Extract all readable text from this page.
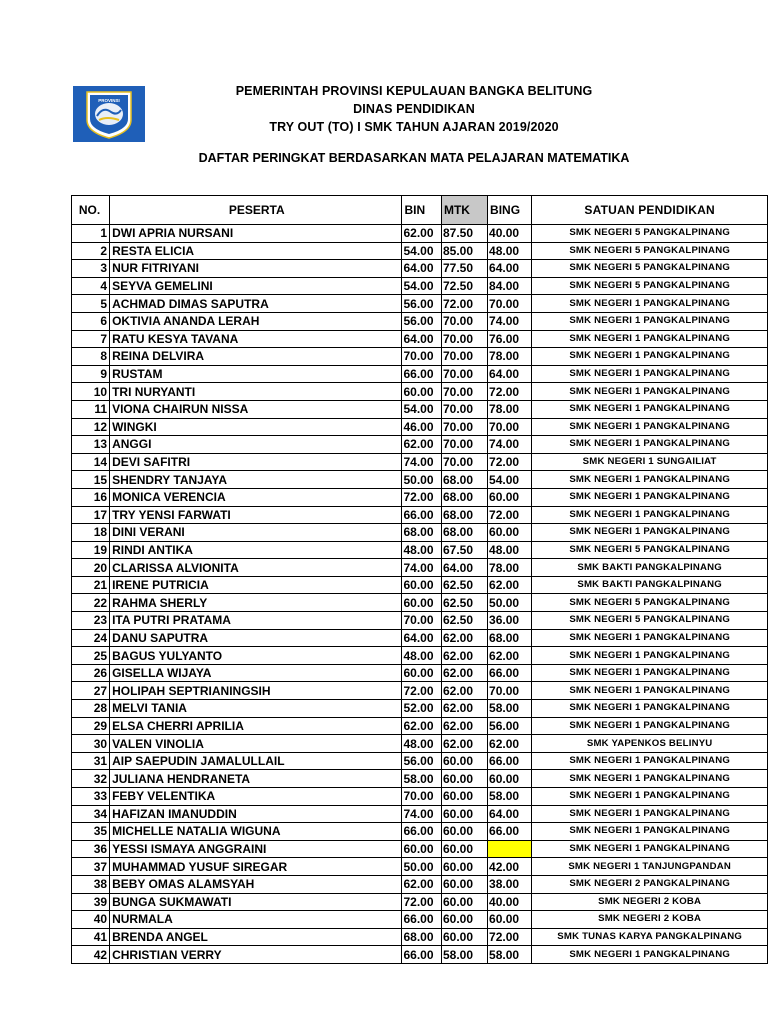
PROVINSI
PEMERINTAH PROVINSI KEPULAUAN BANGKA BELITUNG
DINAS PENDIDIKAN
TRY OUT (TO) I SMK TAHUN AJARAN 2019/2020
DAFTAR PERINGKAT BERDASARKAN MATA PELAJARAN MATEMATIKA
NO.	PESERTA	BIN	MTK	BING	SATUAN PENDIDIKAN
1	DWI APRIA NURSANI	62.00	87.50	40.00	SMK NEGERI 5 PANGKALPINANG
2	RESTA ELICIA	54.00	85.00	48.00	SMK NEGERI 5 PANGKALPINANG
3	NUR FITRIYANI	64.00	77.50	64.00	SMK NEGERI 5 PANGKALPINANG
4	SEYVA GEMELINI	54.00	72.50	84.00	SMK NEGERI 5 PANGKALPINANG
5	ACHMAD DIMAS SAPUTRA	56.00	72.00	70.00	SMK NEGERI 1 PANGKALPINANG
6	OKTIVIA ANANDA LERAH	56.00	70.00	74.00	SMK NEGERI 1 PANGKALPINANG
7	RATU KESYA TAVANA	64.00	70.00	76.00	SMK NEGERI 1 PANGKALPINANG
8	REINA DELVIRA	70.00	70.00	78.00	SMK NEGERI 1 PANGKALPINANG
9	RUSTAM	66.00	70.00	64.00	SMK NEGERI 1 PANGKALPINANG
10	TRI NURYANTI	60.00	70.00	72.00	SMK NEGERI 1 PANGKALPINANG
11	VIONA CHAIRUN NISSA	54.00	70.00	78.00	SMK NEGERI 1 PANGKALPINANG
12	WINGKI	46.00	70.00	70.00	SMK NEGERI 1 PANGKALPINANG
13	ANGGI	62.00	70.00	74.00	SMK NEGERI 1 PANGKALPINANG
14	DEVI SAFITRI	74.00	70.00	72.00	SMK NEGERI 1 SUNGAILIAT
15	SHENDRY TANJAYA	50.00	68.00	54.00	SMK NEGERI 1 PANGKALPINANG
16	MONICA VERENCIA	72.00	68.00	60.00	SMK NEGERI 1 PANGKALPINANG
17	TRY YENSI FARWATI	66.00	68.00	72.00	SMK NEGERI 1 PANGKALPINANG
18	DINI VERANI	68.00	68.00	60.00	SMK NEGERI 1 PANGKALPINANG
19	RINDI ANTIKA	48.00	67.50	48.00	SMK NEGERI 5 PANGKALPINANG
20	CLARISSA ALVIONITA	74.00	64.00	78.00	SMK BAKTI PANGKALPINANG
21	IRENE PUTRICIA	60.00	62.50	62.00	SMK BAKTI PANGKALPINANG
22	RAHMA SHERLY	60.00	62.50	50.00	SMK NEGERI 5 PANGKALPINANG
23	ITA PUTRI PRATAMA	70.00	62.50	36.00	SMK NEGERI 5 PANGKALPINANG
24	DANU SAPUTRA	64.00	62.00	68.00	SMK NEGERI 1 PANGKALPINANG
25	BAGUS YULYANTO	48.00	62.00	62.00	SMK NEGERI 1 PANGKALPINANG
26	GISELLA WIJAYA	60.00	62.00	66.00	SMK NEGERI 1 PANGKALPINANG
27	HOLIPAH SEPTRIANINGSIH	72.00	62.00	70.00	SMK NEGERI 1 PANGKALPINANG
28	MELVI TANIA	52.00	62.00	58.00	SMK NEGERI 1 PANGKALPINANG
29	ELSA CHERRI APRILIA	62.00	62.00	56.00	SMK NEGERI 1 PANGKALPINANG
30	VALEN VINOLIA	48.00	62.00	62.00	SMK YAPENKOS BELINYU
31	AIP SAEPUDIN JAMALULLAIL	56.00	60.00	66.00	SMK NEGERI 1 PANGKALPINANG
32	JULIANA HENDRANETA	58.00	60.00	60.00	SMK NEGERI 1 PANGKALPINANG
33	FEBY VELENTIKA	70.00	60.00	58.00	SMK NEGERI 1 PANGKALPINANG
34	HAFIZAN IMANUDDIN	74.00	60.00	64.00	SMK NEGERI 1 PANGKALPINANG
35	MICHELLE NATALIA WIGUNA	66.00	60.00	66.00	SMK NEGERI 1 PANGKALPINANG
36	YESSI ISMAYA ANGGRAINI	60.00	60.00		SMK NEGERI 1 PANGKALPINANG
37	MUHAMMAD YUSUF SIREGAR	50.00	60.00	42.00	SMK NEGERI 1 TANJUNGPANDAN
38	BEBY OMAS ALAMSYAH	62.00	60.00	38.00	SMK NEGERI 2 PANGKALPINANG
39	BUNGA SUKMAWATI	72.00	60.00	40.00	SMK NEGERI 2 KOBA
40	NURMALA	66.00	60.00	60.00	SMK NEGERI 2 KOBA
41	BRENDA ANGEL	68.00	60.00	72.00	SMK TUNAS KARYA PANGKALPINANG
42	CHRISTIAN VERRY	66.00	58.00	58.00	SMK NEGERI 1 PANGKALPINANG
